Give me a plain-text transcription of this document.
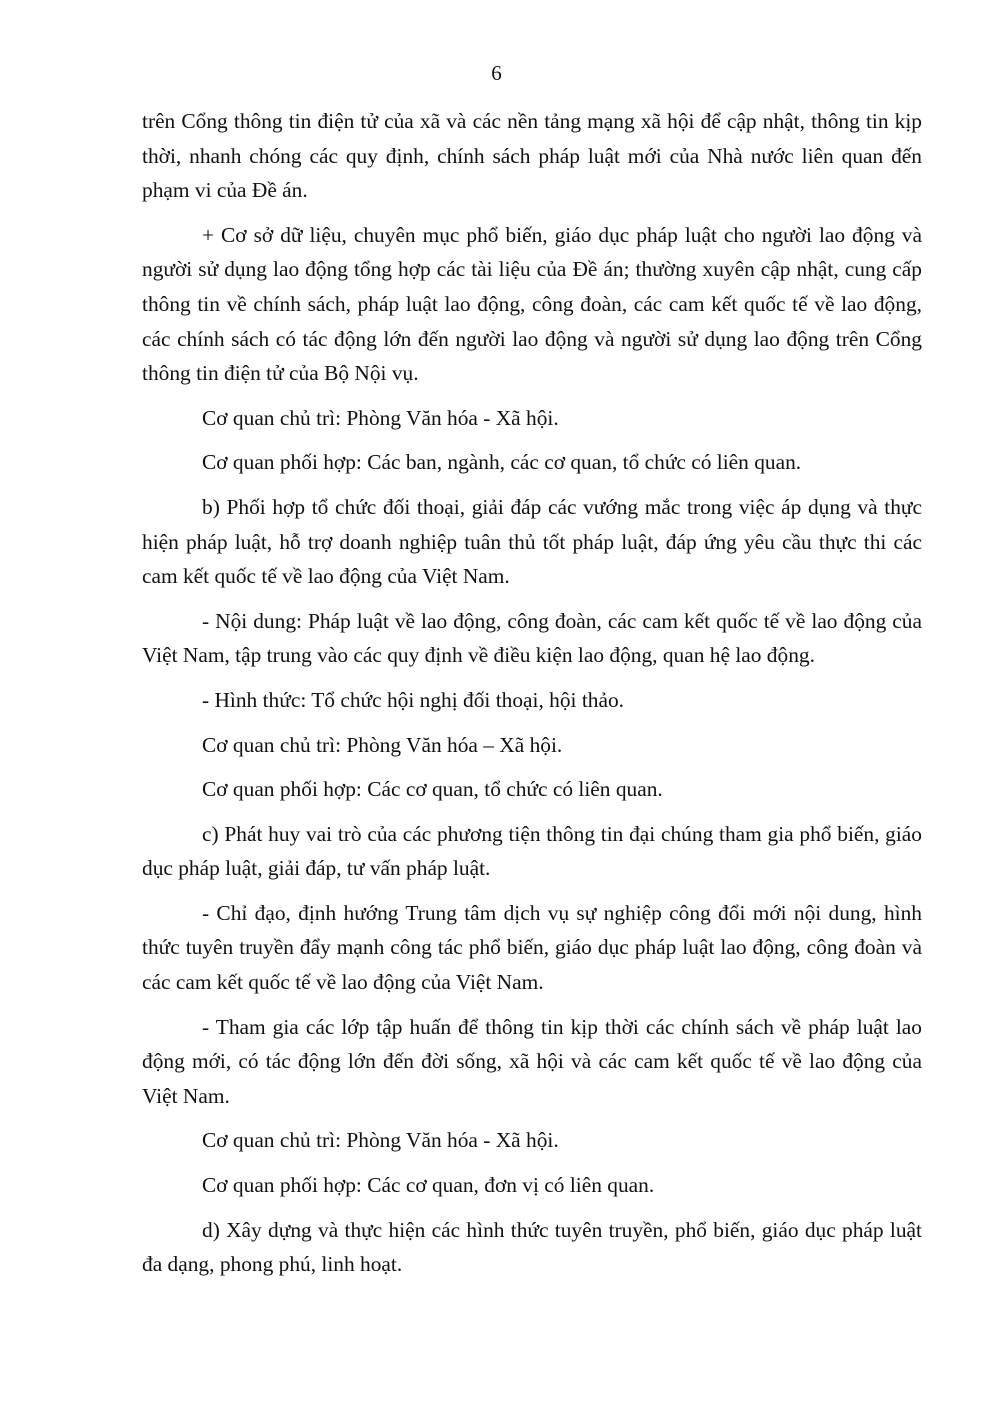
6

trên Cổng thông tin điện tử của xã và các nền tảng mạng xã hội để cập nhật, thông tin kịp thời, nhanh chóng các quy định, chính sách pháp luật mới của Nhà nước liên quan đến phạm vi của Đề án.

+ Cơ sở dữ liệu, chuyên mục phổ biến, giáo dục pháp luật cho người lao động và người sử dụng lao động tổng hợp các tài liệu của Đề án; thường xuyên cập nhật, cung cấp thông tin về chính sách, pháp luật lao động, công đoàn, các cam kết quốc tế về lao động, các chính sách có tác động lớn đến người lao động và người sử dụng lao động trên Cổng thông tin điện tử của Bộ Nội vụ.

Cơ quan chủ trì: Phòng Văn hóa - Xã hội.

Cơ quan phối hợp: Các ban, ngành, các cơ quan, tổ chức có liên quan.

b) Phối hợp tổ chức đối thoại, giải đáp các vướng mắc trong việc áp dụng và thực hiện pháp luật, hỗ trợ doanh nghiệp tuân thủ tốt pháp luật, đáp ứng yêu cầu thực thi các cam kết quốc tế về lao động của Việt Nam.

- Nội dung: Pháp luật về lao động, công đoàn, các cam kết quốc tế về lao động của Việt Nam, tập trung vào các quy định về điều kiện lao động, quan hệ lao động.

- Hình thức: Tổ chức hội nghị đối thoại, hội thảo.

Cơ quan chủ trì: Phòng Văn hóa – Xã hội.

Cơ quan phối hợp: Các cơ quan, tổ chức có liên quan.

c) Phát huy vai trò của các phương tiện thông tin đại chúng tham gia phổ biến, giáo dục pháp luật, giải đáp, tư vấn pháp luật.

- Chỉ đạo, định hướng Trung tâm dịch vụ sự nghiệp công đổi mới nội dung, hình thức tuyên truyền đẩy mạnh công tác phổ biến, giáo dục pháp luật lao động, công đoàn và các cam kết quốc tế về lao động của Việt Nam.

- Tham gia các lớp tập huấn để thông tin kịp thời các chính sách về pháp luật lao động mới, có tác động lớn đến đời sống, xã hội và các cam kết quốc tế về lao động của Việt Nam.

Cơ quan chủ trì: Phòng Văn hóa - Xã hội.

Cơ quan phối hợp: Các cơ quan, đơn vị có liên quan.

d) Xây dựng và thực hiện các hình thức tuyên truyền, phổ biến, giáo dục pháp luật đa dạng, phong phú, linh hoạt.
